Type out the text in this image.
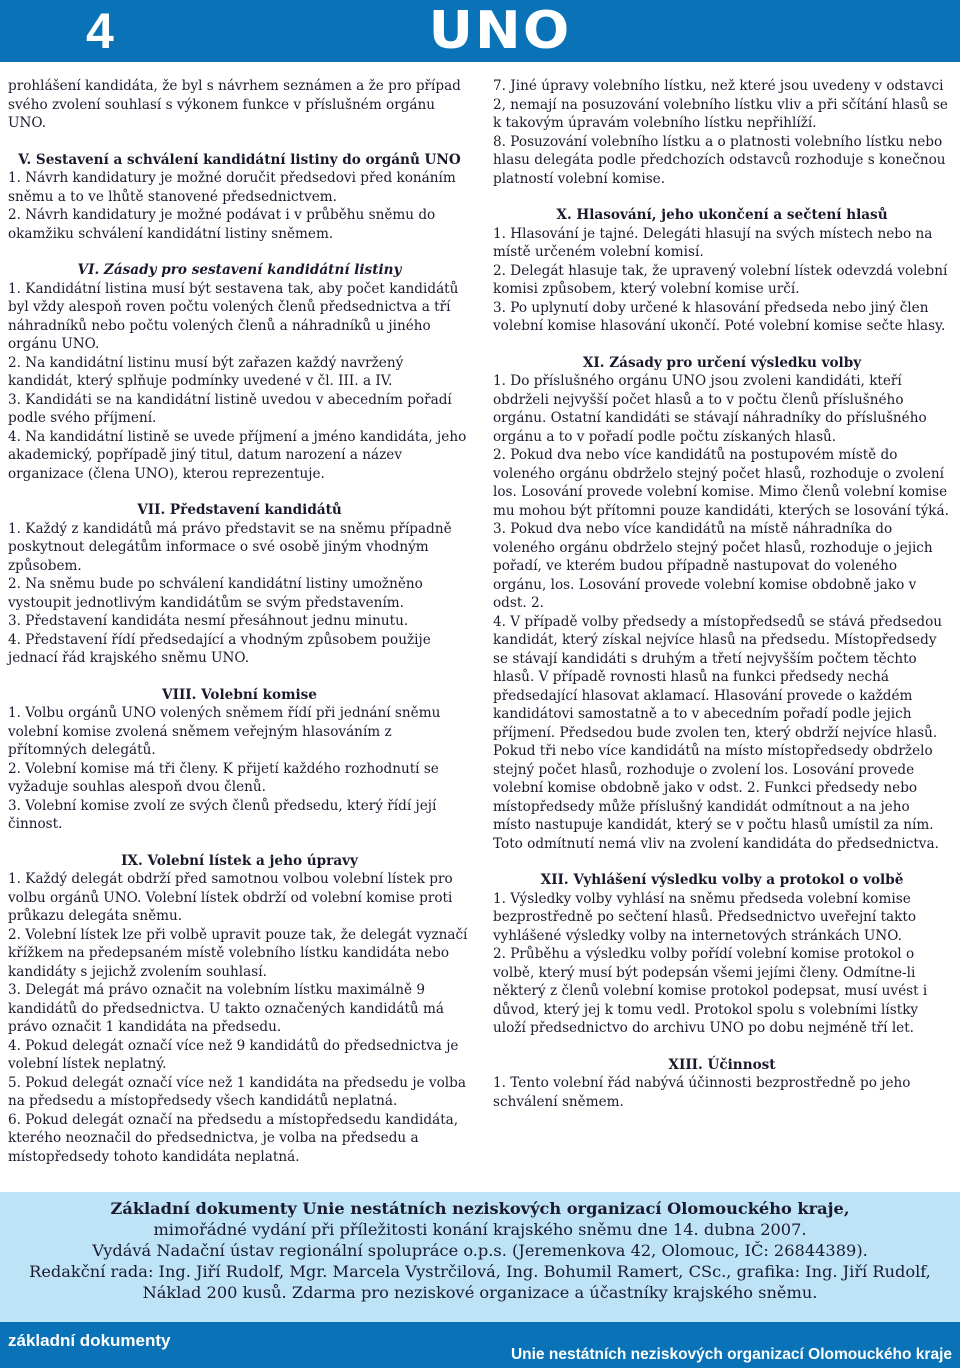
4	UNO

prohlášení kandidáta, že byl s návrhem seznámen a že pro případ svého zvolení souhlasí s výkonem funkce v příslušném orgánu UNO.

V. Sestavení a schválení kandidátní listiny do orgánů UNO

1. Návrh kandidatury je možné doručit předsedovi před konáním sněmu a to ve lhůtě stanovené předsednictvem.

2. Návrh kandidatury je možné podávat i v průběhu sněmu do okamžiku schválení kandidátní listiny sněmem.

VI. Zásady pro sestavení kandidátní listiny

1. Kandidátní listina musí být sestavena tak, aby počet kandidátů byl vždy alespoň roven počtu volených členů předsednictva a tří náhradníků nebo počtu volených členů a náhradníků u jiného orgánu UNO.

2. Na kandidátní listinu musí být zařazen každý navržený kandidát, který splňuje podmínky uvedené v čl. III. a IV.

3. Kandidáti se na kandidátní listině uvedou v abecedním pořadí podle svého příjmení.

4. Na kandidátní listině se uvede příjmení a jméno kandidáta, jeho akademický, popřípadě jiný titul, datum narození a název organizace (člena UNO), kterou reprezentuje.

VII. Představení kandidátů

1. Každý z kandidátů má právo představit se na sněmu případně poskytnout delegátům informace o své osobě jiným vhodným způsobem.

2. Na sněmu bude po schválení kandidátní listiny umožněno vystoupit jednotlivým kandidátům se svým představením.

3. Představení kandidáta nesmí přesáhnout jednu minutu.

4. Představení řídí předsedající a vhodným způsobem použije jednací řád krajského sněmu UNO.

VIII. Volební komise

1. Volbu orgánů UNO volených sněmem řídí při jednání sněmu volební komise zvolená sněmem veřejným hlasováním z přítomných delegátů.

2. Volební komise má tři členy. K přijetí každého rozhodnutí se vyžaduje souhlas alespoň dvou členů.

3. Volební komise zvolí ze svých členů předsedu, který řídí její činnost.

IX. Volební lístek a jeho úpravy

1. Každý delegát obdrží před samotnou volbou volební lístek pro volbu orgánů UNO. Volební lístek obdrží od volební komise proti průkazu delegáta sněmu.

2. Volební lístek lze při volbě upravit pouze tak, že delegát vyznačí křížkem na předepsaném místě volebního lístku kandidáta nebo kandidáty s jejichž zvolením souhlasí.

3. Delegát má právo označit na volebním lístku maximálně 9 kandidátů do předsednictva. U takto označených kandidátů má právo označit 1 kandidáta na předsedu.

4. Pokud delegát označí více než 9 kandidátů do předsednictva je volební lístek neplatný.

5. Pokud delegát označí více než 1 kandidáta na předsedu je volba na předsedu a místopředsedy všech kandidátů neplatná.

6. Pokud delegát označí na předsedu a místopředsedu kandidáta, kterého neoznačil do předsednictva, je volba na předsedu a místopředsedy tohoto kandidáta neplatná.

7. Jiné úpravy volebního lístku, než které jsou uvedeny v odstavci 2, nemají na posuzování volebního lístku vliv a při sčítání hlasů se k takovým úpravám volebního lístku nepřihlíží.

8. Posuzování volebního lístku a o platnosti volebního lístku nebo hlasu delegáta podle předchozích odstavců rozhoduje s konečnou platností volební komise.

X. Hlasování, jeho ukončení a sečtení hlasů

1. Hlasování je tajné. Delegáti hlasují na svých místech nebo na místě určeném volební komisí.

2. Delegát hlasuje tak, že upravený volební lístek odevzdá volební komisi způsobem, který volební komise určí.

3. Po uplynutí doby určené k hlasování předseda nebo jiný člen volební komise hlasování ukončí. Poté volební komise sečte hlasy.

XI. Zásady pro určení výsledku volby

1. Do příslušného orgánu UNO jsou zvoleni kandidáti, kteří obdrželi nejvyšší počet hlasů a to v počtu členů příslušného orgánu. Ostatní kandidáti se stávají náhradníky do příslušného orgánu a to v pořadí podle počtu získaných hlasů.

2. Pokud dva nebo více kandidátů na postupovém místě do voleného orgánu obdrželo stejný počet hlasů, rozhoduje o zvolení los. Losování provede volební komise. Mimo členů volební komise mu mohou být přítomni pouze kandidáti, kterých se losování týká.

3. Pokud dva nebo více kandidátů na místě náhradníka do voleného orgánu obdrželo stejný počet hlasů, rozhoduje o jejich pořadí, ve kterém budou případně nastupovat do voleného orgánu, los. Losování provede volební komise obdobně jako v odst. 2.

4. V případě volby předsedy a místopředsedů se stává předsedou kandidát, který získal nejvíce hlasů na předsedu. Místopředsedy se stávají kandidáti s druhým a třetí nejvyšším počtem těchto hlasů. V případě rovnosti hlasů na funkci předsedy nechá předsedající hlasovat aklamací. Hlasování provede o každém kandidátovi samostatně a to v abecedním pořadí podle jejich příjmení. Předsedou bude zvolen ten, který obdrží nejvíce hlasů. Pokud tři nebo více kandidátů na místo místopředsedy obdrželo stejný počet hlasů, rozhoduje o zvolení los. Losování provede volební komise obdobně jako v odst. 2. Funkci předsedy nebo místopředsedy může příslušný kandidát odmítnout a na jeho místo nastupuje kandidát, který se v počtu hlasů umístil za ním. Toto odmítnutí nemá vliv na zvolení kandidáta do předsednictva.

XII. Vyhlášení výsledku volby a protokol o volbě

1. Výsledky volby vyhlásí na sněmu předseda volební komise bezprostředně po sečtení hlasů. Předsednictvo uveřejní takto vyhlášené výsledky volby na internetových stránkách UNO.

2. Průběhu a výsledku volby pořídí volební komise protokol o volbě, který musí být podepsán všemi jejími členy. Odmítne-li některý z členů volební komise protokol podepsat, musí uvést i důvod, který jej k tomu vedl. Protokol spolu s volebními lístky uloží předsednictvo do archivu UNO po dobu nejméně tří let.

XIII. Účinnost

1. Tento volební řád nabývá účinnosti bezprostředně po jeho schválení sněmem.

Základní dokumenty Unie nestátních neziskových organizací Olomouckého kraje,
mimořádné vydání při příležitosti konání krajského sněmu dne 14. dubna 2007.
Vydává Nadační ústav regionální spolupráce o.p.s. (Jeremenkova 42, Olomouc, IČ: 26844389).
Redakční rada: Ing. Jiří Rudolf, Mgr. Marcela Vystrčilová, Ing. Bohumil Ramert, CSc., grafika: Ing. Jiří Rudolf,
Náklad 200 kusů. Zdarma pro neziskové organizace a účastníky krajského sněmu.
základní dokumenty
Unie nestátních neziskových organizací Olomouckého kraje
